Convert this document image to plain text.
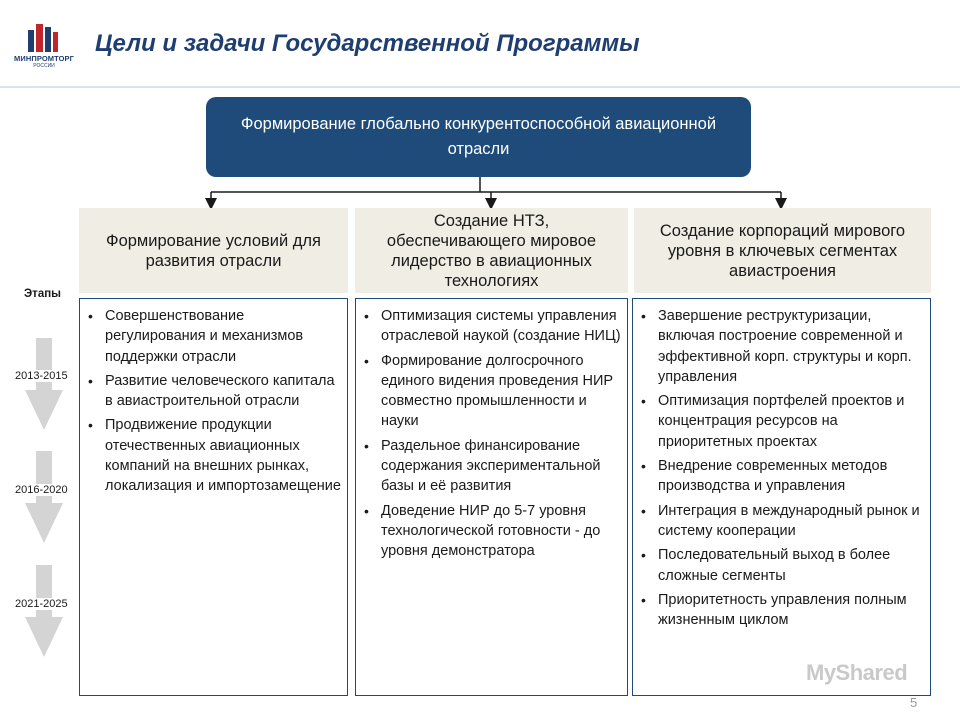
МИНПРОМТОРГ
РОССИИ
Цели и задачи Государственной Программы
Формирование глобально конкурентоспособной авиационной отрасли
Формирование условий для развития отрасли
Создание НТЗ, обеспечивающего мировое лидерство в авиационных технологиях
Создание корпораций мирового уровня в ключевых сегментах авиастроения
Этапы
2013-2015
2016-2020
2021-2025
• Совершенствование регулирования и механизмов поддержки отрасли
• Развитие человеческого капитала в авиастроительной отрасли
• Продвижение продукции отечественных авиационных компаний на внешних рынках, локализация и импортозамещение
• Оптимизация системы управления отраслевой наукой (создание НИЦ)
• Формирование долгосрочного единого видения проведения НИР совместно промышленности и науки
• Раздельное финансирование содержания экспериментальной базы и её развития
• Доведение НИР до 5-7 уровня технологической готовности - до уровня демонстратора
• Завершение реструктуризации, включая построение современной и эффективной корп. структуры и корп. управления
• Оптимизация портфелей проектов и концентрация ресурсов на приоритетных проектах
• Внедрение современных методов производства и управления
• Интеграция в международный рынок и систему кооперации
• Последовательный выход в более сложные сегменты
• Приоритетность управления полным жизненным циклом
MyShared
5
